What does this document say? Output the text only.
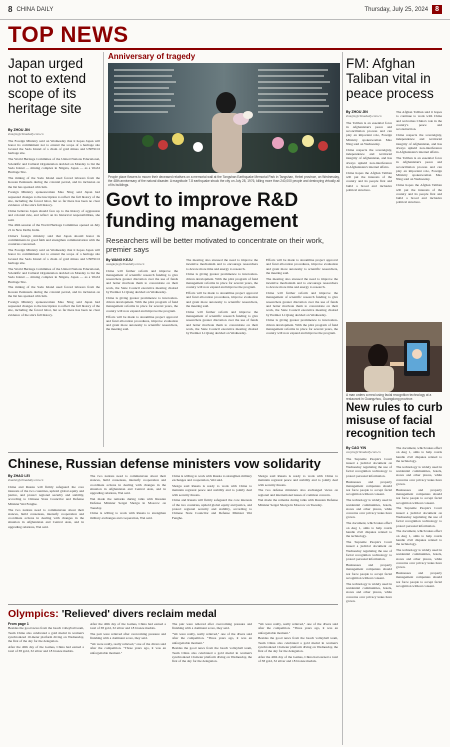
8 CHINA DAILY	Thursday, July 25, 2024	8
TOP NEWS
Japan urged not to extend scope of its heritage site
By ZHOU JIN
zhoujin@chinadaily.com.cn

The Foreign Ministry said on Wednesday that it hopes Japan will honor its commitment not to extend the scope of a heritage site located the Sado Island of a chain of gold mines and UNESCO heritage site.

The World Heritage Committee of the United Nations Educational, Scientific and Cultural Organization decided on Monday to list the Sado Island — mining complex in Niigata, Japan — as a World Heritage Site.

The mining of the Sado Island used forced laborers from the Korean Peninsula during the colonial period, and its inclusion on the list has sparked criticism.

Foreign Ministry spokeswoman Mao Ning said Japan had requested changes to the inscription to reflect the full history of the site, including the forced labor, but so far there has been no clear evidence of the site's full history.

China believes Japan should face up to the history of aggression and colonial rule, and reflect on its historical responsibilities, she said.

The 46th session of the World Heritage Committee opened on July 21 in New Delhi, India.

China's foreign ministry said that Japan should honor its commitments in good faith and strengthen communication with the countries concerned.

The Foreign Ministry said on Wednesday that it hopes Japan will honor its commitment not to extend the scope of a heritage site located the Sado Island of a chain of gold mines and UNESCO heritage site.

The World Heritage Committee of the United Nations Educational, Scientific and Cultural Organization decided on Monday to list the Sado Island — mining complex in Niigata, Japan — as a World Heritage Site.

The mining of the Sado Island used forced laborers from the Korean Peninsula during the colonial period, and its inclusion on the list has sparked criticism.

Foreign Ministry spokeswoman Mao Ning said Japan had requested changes to the inscription to reflect the full history of the site, including the forced labor, but so far there has been no clear evidence of the site's full history.

Anniversary of tragedy
People place flowers to mourn their deceased relatives on a memorial wall at the Tangshan Earthquake Memorial Park in Tangshan, Hebei province, on Wednesday, the 48th anniversary of the natural disaster. A magnitude 7.8 earthquake struck the city on July 28, 1976, killing more than 240,000 people and destroying virtually all of its buildings.
Govt to improve R&D funding management
Researchers will be better motivated to concentrate on their work, premier says
By WANG KEJU
wangkeju@chinadaily.com.cn

China will further reform and improve the management of scientific research funding to give researchers greater discretion over the use of funds and better motivate them to concentrate on their work, the State Council executive meeting chaired by Premier Li Qiang decided on Wednesday.

China is giving greater prominence to innovation-driven development. With the pilot program of fund management reforms in place for several years, the country will now expand and improve the program.

Efforts will be made to streamline project approval and fund allocation procedures, improve evaluation and grant more autonomy to scientific researchers, the meeting said.

The meeting also stressed the need to improve the incentive mechanism and to encourage researchers to devote more time and energy to research.

China is giving greater prominence to innovation-driven development. With the pilot program of fund management reforms in place for several years, the country will now expand and improve the program.

Efforts will be made to streamline project approval and fund allocation procedures, improve evaluation and grant more autonomy to scientific researchers, the meeting said.

China will further reform and improve the management of scientific research funding to give researchers greater discretion over the use of funds and better motivate them to concentrate on their work, the State Council executive meeting chaired by Premier Li Qiang decided on Wednesday.

Efforts will be made to streamline project approval and fund allocation procedures, improve evaluation and grant more autonomy to scientific researchers, the meeting said.

The meeting also stressed the need to improve the incentive mechanism and to encourage researchers to devote more time and energy to research.

China will further reform and improve the management of scientific research funding to give researchers greater discretion over the use of funds and better motivate them to concentrate on their work, the State Council executive meeting chaired by Premier Li Qiang decided on Wednesday.

China is giving greater prominence to innovation-driven development. With the pilot program of fund management reforms in place for several years, the country will now expand and improve the program.

FM: Afghan Taliban vital in peace process
By ZHOU JIN
zhoujin@chinadaily.com.cn

The Taliban is an essential force in Afghanistan's peace and reconciliation process and can play an important role, Foreign Ministry spokeswoman Mao Ning said on Wednesday.

China respects the sovereignty, independence and territorial integrity of Afghanistan, and has always upheld non-interference in Afghanistan's internal affairs.

China hopes the Afghan Taliban will put the interests of the country and its people first and build a broad and inclusive political structure.

The Afghan Taliban said it hopes to continue to work with China and welcomes China's role in the country's peace and reconstruction.

China respects the sovereignty, independence and territorial integrity of Afghanistan, and has always upheld non-interference in Afghanistan's internal affairs.

The Taliban is an essential force in Afghanistan's peace and reconciliation process and can play an important role, Foreign Ministry spokeswoman Mao Ning said on Wednesday.

China hopes the Afghan Taliban will put the interests of the country and its people first and build a broad and inclusive political structure.

A man orders a meal using facial recognition technology at a restaurant in Guangzhou, Guangdong province.
New rules to curb misuse of facial recognition tech
By CAO YIN
caoyin@chinadaily.com.cn

The Supreme People's Court issued a judicial document on Wednesday regulating the use of facial recognition technology to protect personal information.

Businesses and property management companies should not force people to accept facial recognition without consent.

The technology is widely used in residential communities, hotels, stores and other places, while concerns over privacy leaks have grown.

The document, which takes effect on Aug 1, aims to help courts handle civil disputes related to the technology.

The Supreme People's Court issued a judicial document on Wednesday regulating the use of facial recognition technology to protect personal information.

Businesses and property management companies should not force people to accept facial recognition without consent.

The technology is widely used in residential communities, hotels, stores and other places, while concerns over privacy leaks have grown.

The document, which takes effect on Aug 1, aims to help courts handle civil disputes related to the technology.

The technology is widely used in residential communities, hotels, stores and other places, while concerns over privacy leaks have grown.

Businesses and property management companies should not force people to accept facial recognition without consent.

The Supreme People's Court issued a judicial document on Wednesday regulating the use of facial recognition technology to protect personal information.

The document, which takes effect on Aug 1, aims to help courts handle civil disputes related to the technology.

The technology is widely used in residential communities, hotels, stores and other places, while concerns over privacy leaks have grown.

Businesses and property management companies should not force people to accept facial recognition without consent.

Chinese, Russian defense ministers vow solidarity
By ZHAO LEI
zhaolei@chinadaily.com.cn

China and Russia will firmly safeguard the core interests of the two countries, uphold global equity and justice, and protect regional security and stability, according to Chinese State Councilor and Defense Minister Wei Fenghe.

The two nations need to communicate about their stances, build consensus, intensify cooperation and coordinate actions in dealing with changes in the situation in Afghanistan and Central Asia, and in upgrading relations, Wei said.

The two nations need to communicate about their stances, build consensus, intensify cooperation and coordinate actions in dealing with changes in the situation in Afghanistan and Central Asia, and in upgrading relations, Wei said.

Wei made the remarks during talks with Russian Defense Minister Sergei Shoigu in Moscow on Tuesday.

China is willing to work with Russia to strengthen military exchanges and cooperation, Wei said.

China is willing to work with Russia to strengthen military exchanges and cooperation, Wei said.

Shoigu said Russia is ready to work with China to maintain regional peace and stability and to jointly deal with security threats.

China and Russia will firmly safeguard the core interests of the two countries, uphold global equity and justice, and protect regional security and stability, according to Chinese State Councilor and Defense Minister Wei Fenghe.

Shoigu said Russia is ready to work with China to maintain regional peace and stability and to jointly deal with security threats.

The two defense ministers also exchanged views on regional and international issues of common concern.

Wei made the remarks during talks with Russian Defense Minister Sergei Shoigu in Moscow on Tuesday.

Olympics: 'Relieved' divers reclaim medal
From page 1

Besides the good news from the beach volleyball team, Team China also celebrated a gold medal in women's synchronized 10-meter platform diving on Wednesday, the first of the day for the delegation.

After the 40th day of the Games, China had earned a total of 38 gold, 32 silver and 18 bronze medals.

After the 40th day of the Games, China had earned a total of 38 gold, 32 silver and 18 bronze medals.

The pair were relieved after overcoming pressure and finishing with a dominant score, they said.

"We were really, really relieved," one of the divers said after the competition. "Three years ago, it was an unforgettable moment."

The pair were relieved after overcoming pressure and finishing with a dominant score, they said.

"We were really, really relieved," one of the divers said after the competition. "Three years ago, it was an unforgettable moment."

Besides the good news from the beach volleyball team, Team China also celebrated a gold medal in women's synchronized 10-meter platform diving on Wednesday, the first of the day for the delegation.

"We were really, really relieved," one of the divers said after the competition. "Three years ago, it was an unforgettable moment."

Besides the good news from the beach volleyball team, Team China also celebrated a gold medal in women's synchronized 10-meter platform diving on Wednesday, the first of the day for the delegation.

After the 40th day of the Games, China had earned a total of 38 gold, 32 silver and 18 bronze medals.
